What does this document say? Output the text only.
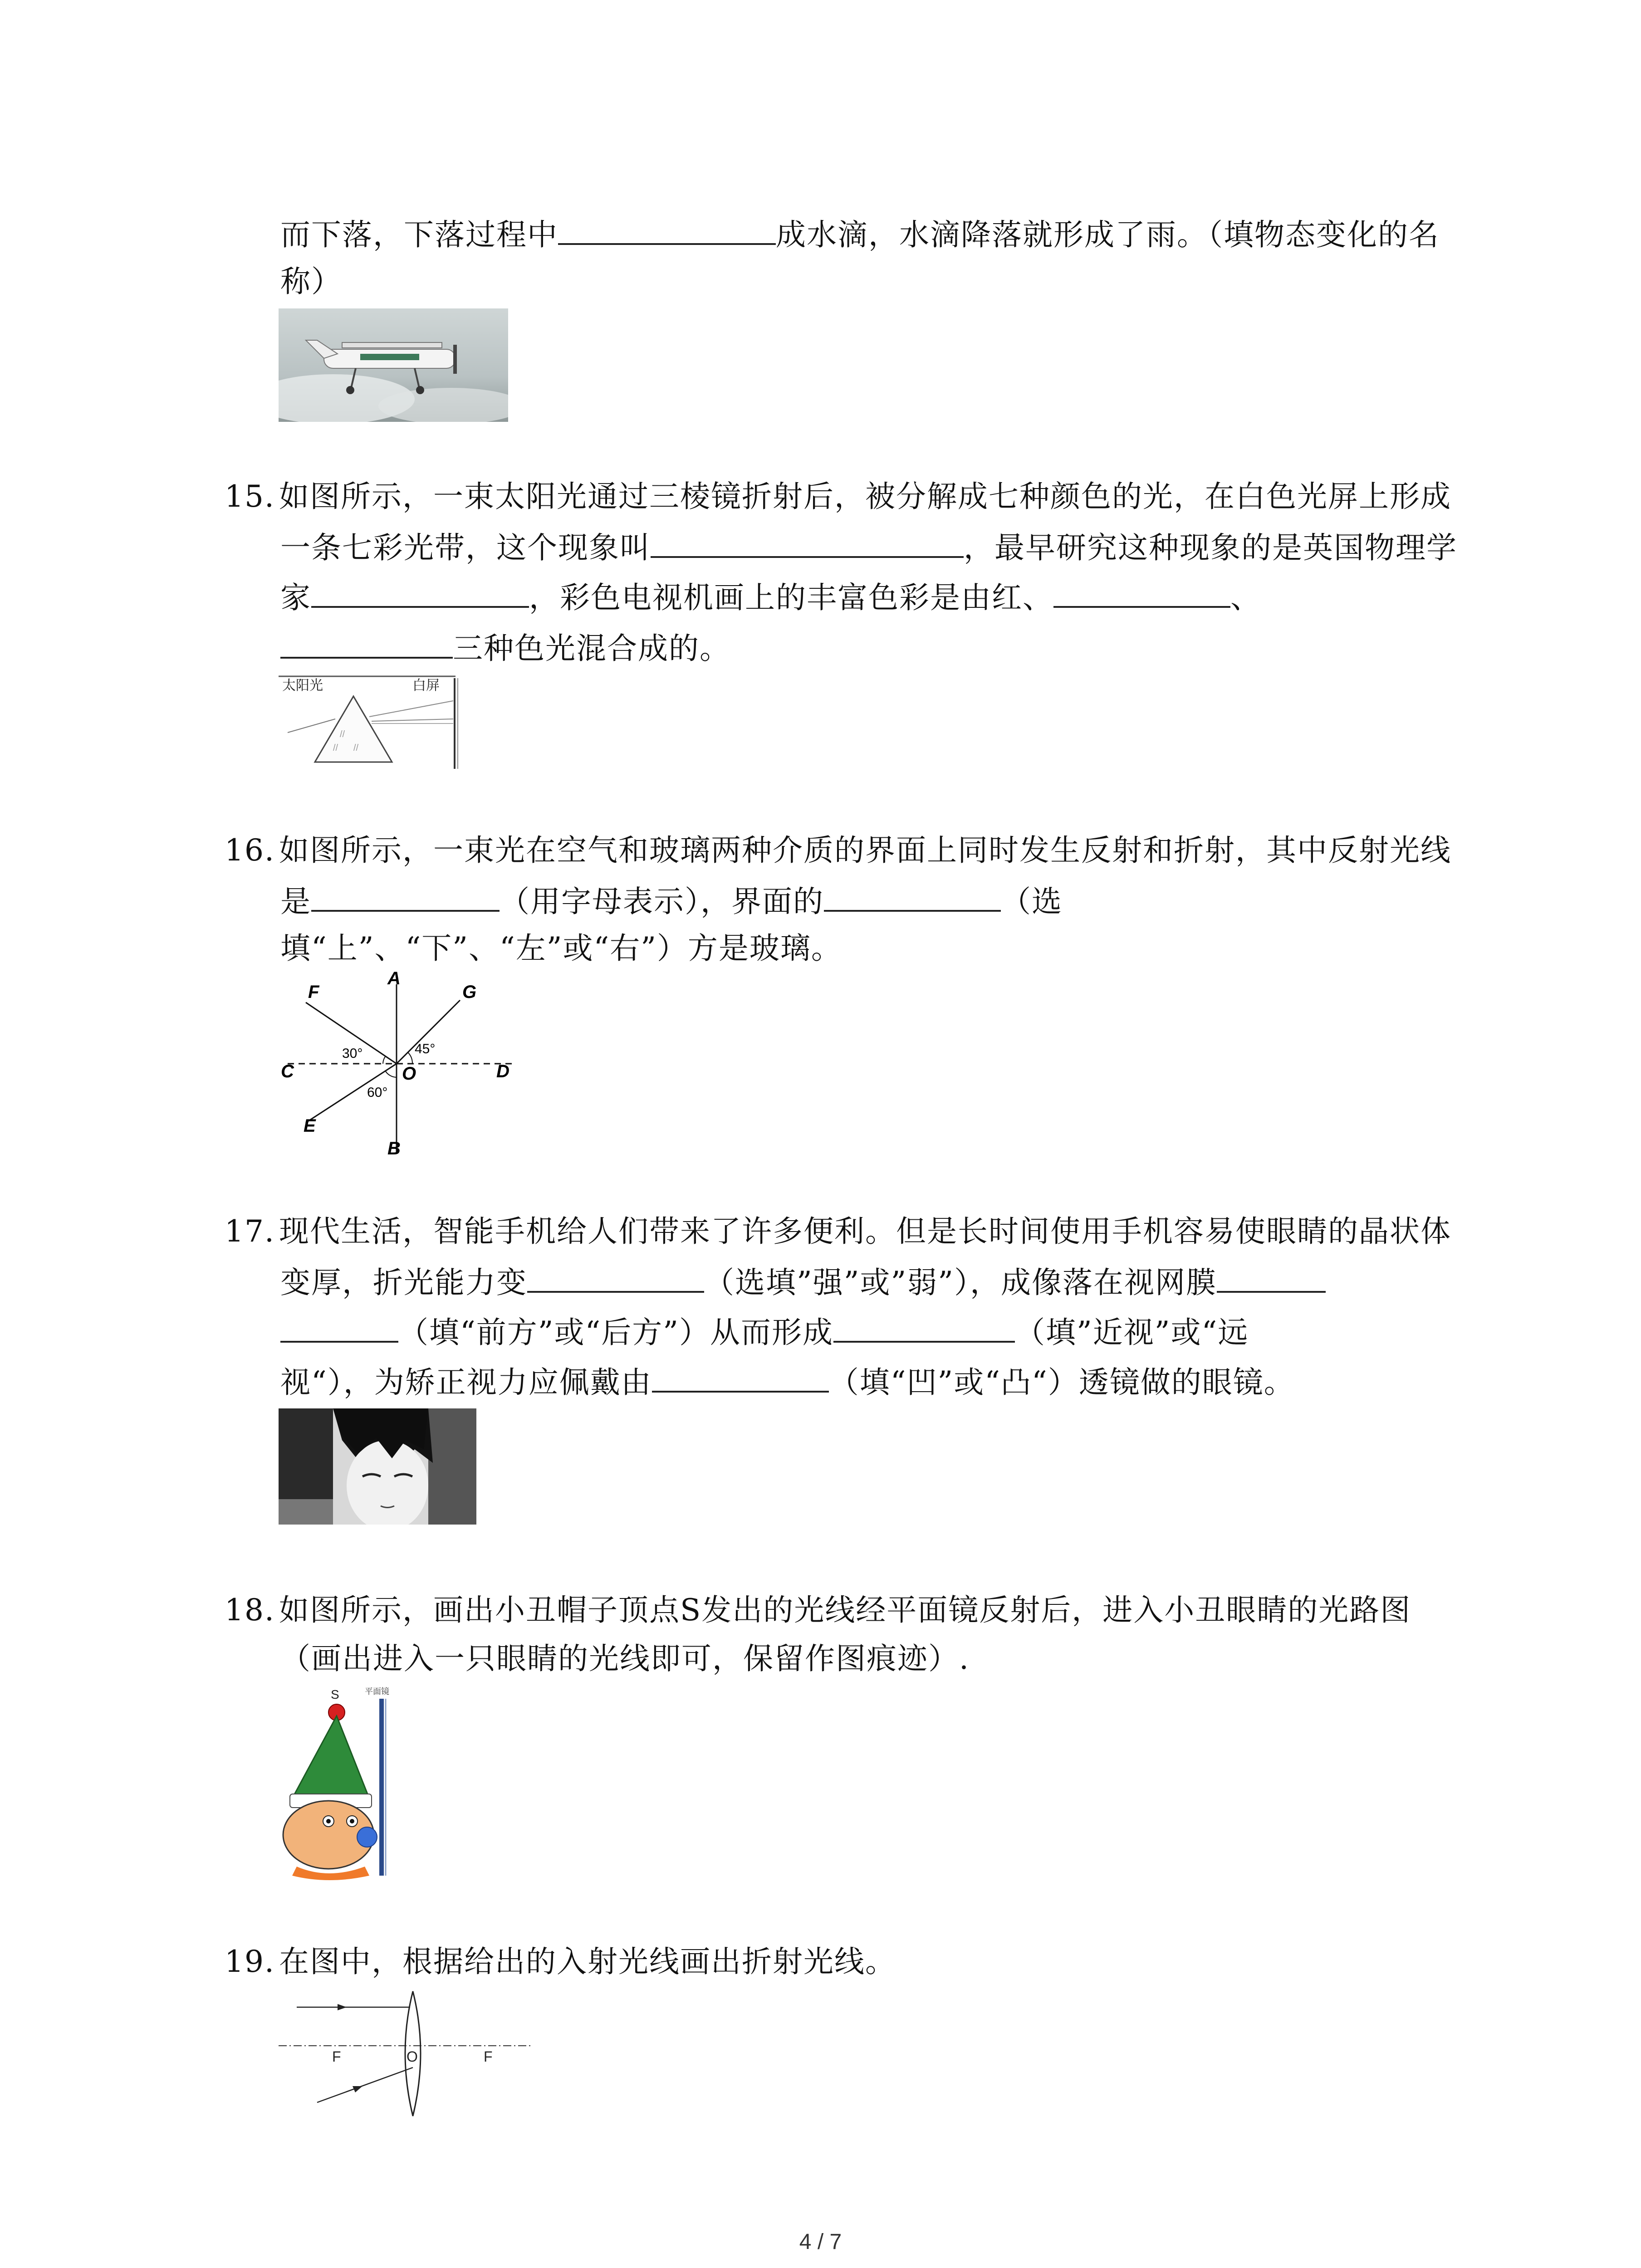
而下落，下落过程中	成水滴，水滴降落就形成了雨。（填物态变化的名
称）
15. 如图所示，一束太阳光通过三棱镜折射后，被分解成七种颜色的光，在白色光屏上形成
一条七彩光带，这个现象叫	，最早研究这种现象的是英国物理学
家	，彩色电视机画上的丰富色彩是由红、	、
三种色光混合成的。
太阳光	白屏
//
// //
16. 如图所示，一束光在空气和玻璃两种介质的界面上同时发生反射和折射，其中反射光线
是	（用字母表示），界面的	（选
填“上”、“下”、“左”或“右”）方是玻璃。
A
B
C	D
E
F	G
O
30°	45°
60°
17. 现代生活，智能手机给人们带来了许多便利。但是长时间使用手机容易使眼睛的晶状体
变厚，折光能力变	（选填”强”或”弱”），成像落在视网膜
（填“前方”或“后方”）从而形成	（填”近视”或“远
视“），为矫正视力应佩戴由	（填“凹”或“凸“）透镜做的眼镜。
18. 如图所示，画出小丑帽子顶点S发出的光线经平面镜反射后，进入小丑眼睛的光路图
（画出进入一只眼睛的光线即可，保留作图痕迹）.
S	平面镜
19. 在图中，根据给出的入射光线画出折射光线。
F	O	F
4 / 7
